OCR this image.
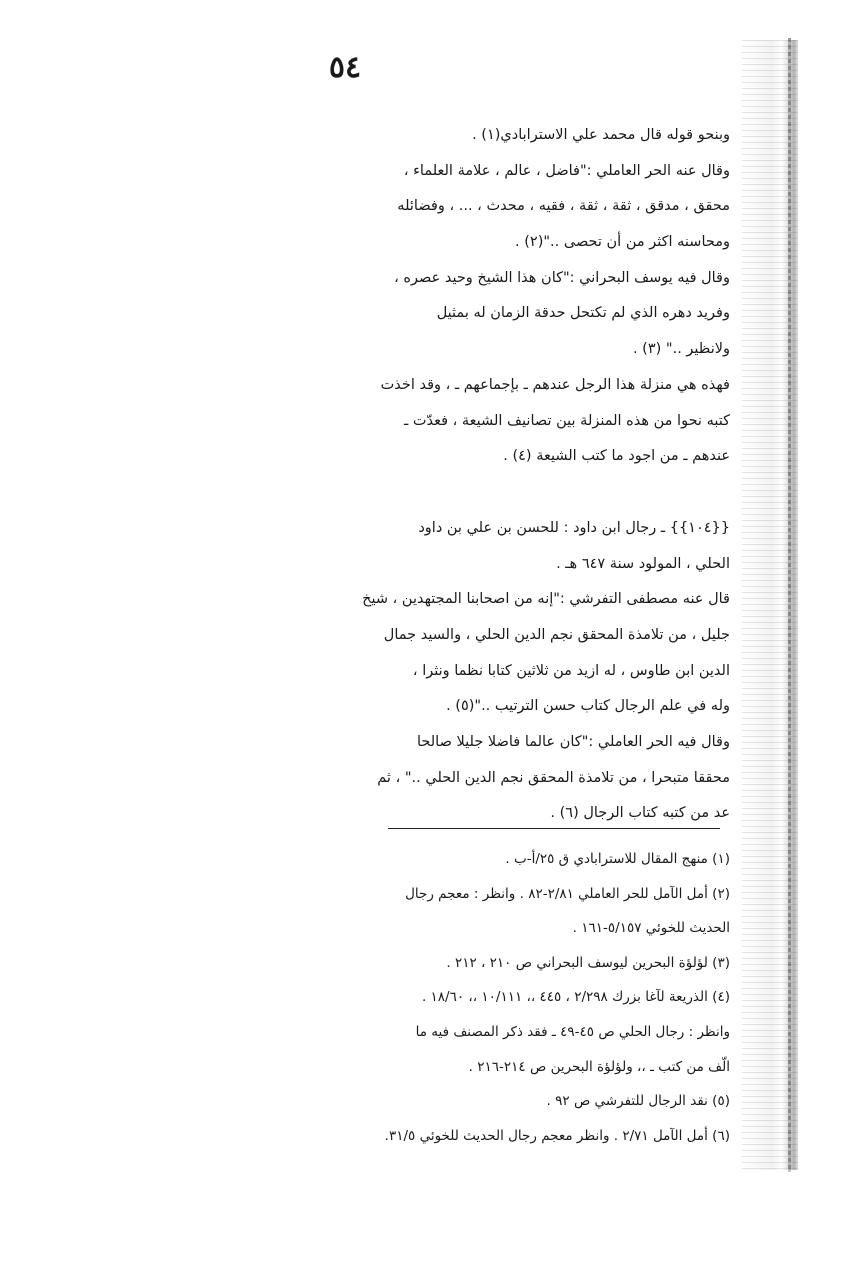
٥٤
وبنحو قوله قال محمد علي الاسترابادي(١) .
وقال عنه الحر العاملي :"فاضل ، عالم ، علامة العلماء ،
محقق ، مدقق ، ثقة ، ثقة ، فقيه ، محدث ، ... ، وفضائله
ومحاسنه اكثر من أن تحصى .."(٢) .
وقال فيه يوسف البحراني :"كان هذا الشيخ وحيد عصره ،
وفريد دهره الذي لم تكتحل حدقة الزمان له بمثيل
ولانظير .." (٣) .
فهذه هي منزلة هذا الرجل عندهم ـ بإجماعهم ـ ، وقد اخذت
كتبه نحوا من هذه المنزلة بين تصانيف الشيعة ، فعدّت ـ
عندهم ـ من اجود ما كتب الشيعة (٤) .
{{١٠٤}} ـ رجال ابن داود : للحسن بن علي بن داود
الحلي ، المولود سنة ٦٤٧ هـ .
قال عنه مصطفى التفرشي :"إنه من اصحابنا المجتهدين ، شيخ
جليل ، من تلامذة المحقق نجم الدين الحلي ، والسيد جمال
الدين ابن طاوس ، له ازيد من ثلاثين كتابا نظما ونثرا ،
وله في علم الرجال كتاب حسن الترتيب .."(٥) .
وقال فيه الحر العاملي :"كان عالما فاضلا جليلا صالحا
محققا متبحرا ، من تلامذة المحقق نجم الدين الحلي .." ، ثم
عد من كتبه كتاب الرجال (٦) .
(١) منهج المقال للاسترابادي ق ٢٥/أ-ب .
(٢) أمل الآمل للحر العاملي ٢/٨١-٨٢ . وانظر : معجم رجال
الحديث للخوئي ٥/١٥٧-١٦١ .
(٣) لؤلؤة البحرين ليوسف البحراني ص ٢١٠ ، ٢١٢ .
(٤) الذريعة لآغا بزرك ٢/٢٩٨ ، ٤٤٥ ،، ١٠/١١١ ،، ١٨/٦٠ .
وانظر : رجال الحلي ص ٤٥-٤٩ ـ فقد ذكر المصنف فيه ما
الّف من كتب ـ ،، ولؤلؤة البحرين ص ٢١٤-٢١٦ .
(٥) نقد الرجال للتفرشي ص ٩٢ .
(٦) أمل الآمل ٢/٧١ . وانظر معجم رجال الحديث للخوئي ٣١/٥.
